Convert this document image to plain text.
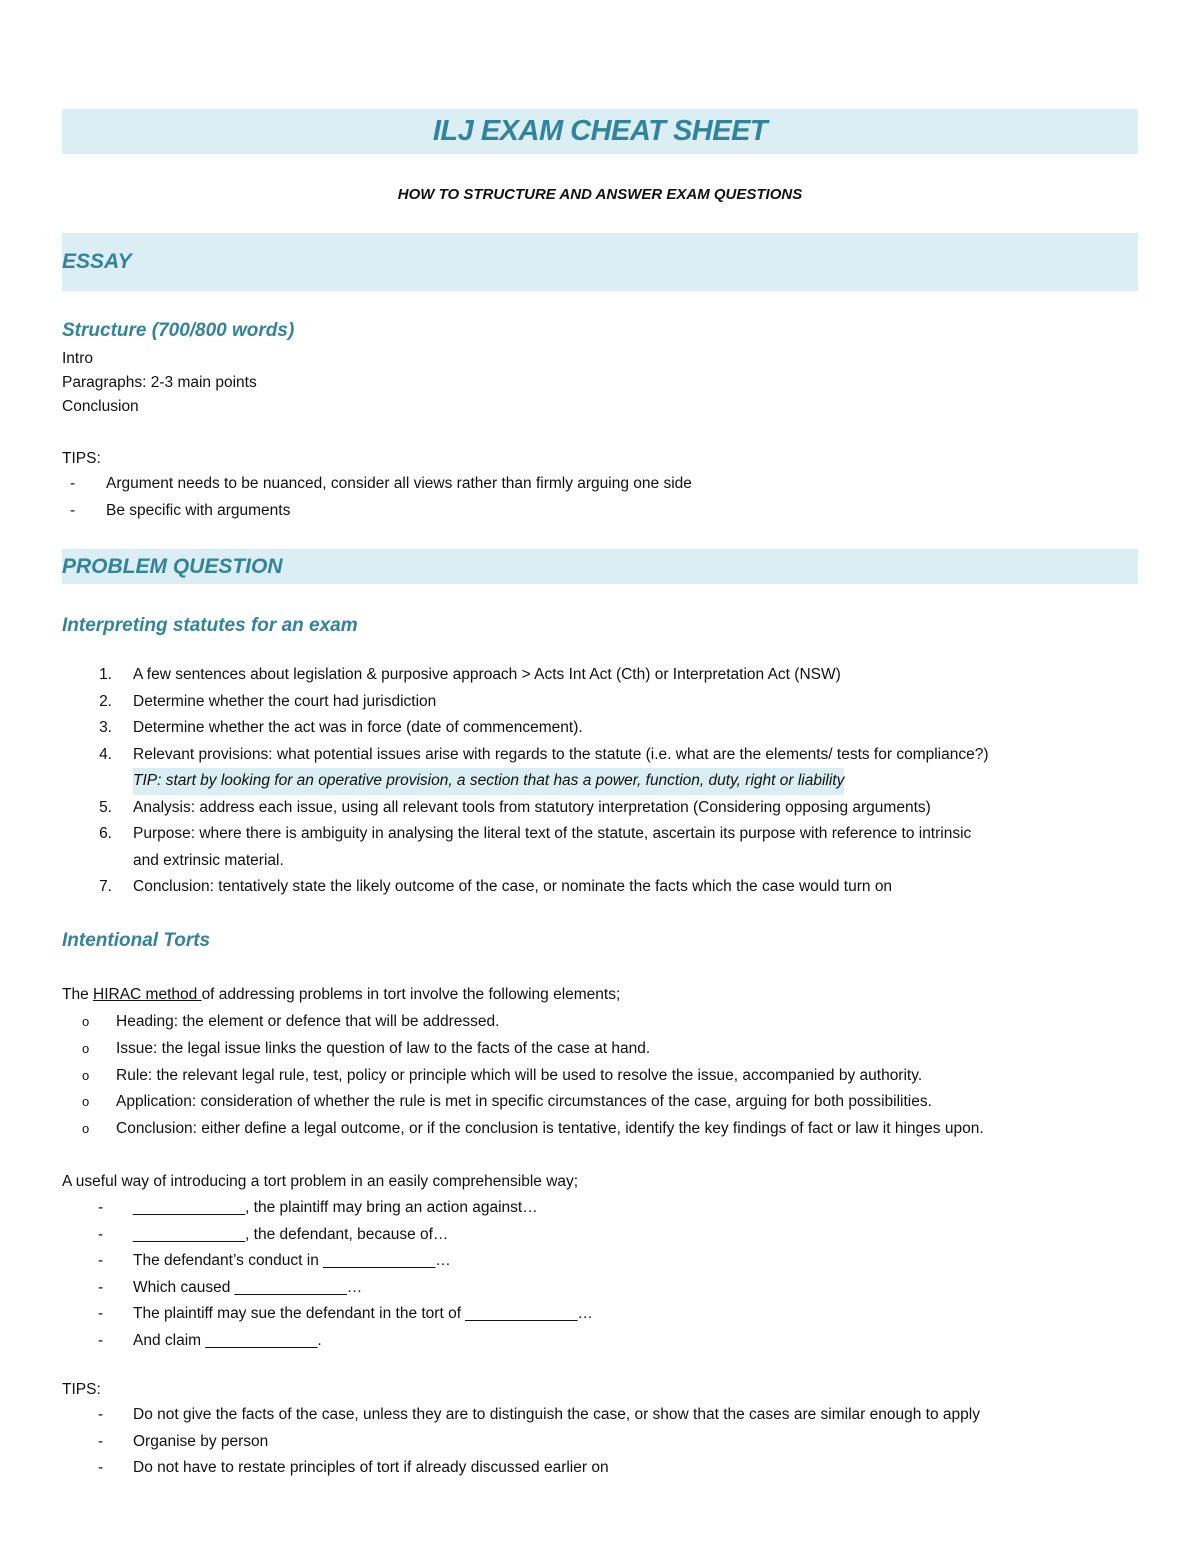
ILJ EXAM CHEAT SHEET
HOW TO STRUCTURE AND ANSWER EXAM QUESTIONS
ESSAY
Structure (700/800 words)
Intro
Paragraphs: 2-3 main points
Conclusion
TIPS:
-	Argument needs to be nuanced, consider all views rather than firmly arguing one side
-	Be specific with arguments
PROBLEM QUESTION
Interpreting statutes for an exam
1. A few sentences about legislation & purposive approach > Acts Int Act (Cth) or Interpretation Act (NSW)
2. Determine whether the court had jurisdiction
3. Determine whether the act was in force (date of commencement).
4. Relevant provisions: what potential issues arise with regards to the statute (i.e. what are the elements/ tests for compliance?)
TIP: start by looking for an operative provision, a section that has a power, function, duty, right or liability
5. Analysis: address each issue, using all relevant tools from statutory interpretation (Considering opposing arguments)
6. Purpose: where there is ambiguity in analysing the literal text of the statute, ascertain its purpose with reference to intrinsic
and extrinsic material.
7. Conclusion: tentatively state the likely outcome of the case, or nominate the facts which the case would turn on
Intentional Torts
The HIRAC method of addressing problems in tort involve the following elements;
o Heading: the element or defence that will be addressed.
o Issue: the legal issue links the question of law to the facts of the case at hand.
o Rule: the relevant legal rule, test, policy or principle which will be used to resolve the issue, accompanied by authority.
o Application: consideration of whether the rule is met in specific circumstances of the case, arguing for both possibilities.
o Conclusion: either define a legal outcome, or if the conclusion is tentative, identify the key findings of fact or law it hinges upon.
A useful way of introducing a tort problem in an easily comprehensible way;
- _____________, the plaintiff may bring an action against…
- _____________, the defendant, because of…
- The defendant’s conduct in _____________…
- Which caused _____________…
- The plaintiff may sue the defendant in the tort of _____________…
- And claim _____________.
TIPS:
- Do not give the facts of the case, unless they are to distinguish the case, or show that the cases are similar enough to apply
- Organise by person
- Do not have to restate principles of tort if already discussed earlier on
